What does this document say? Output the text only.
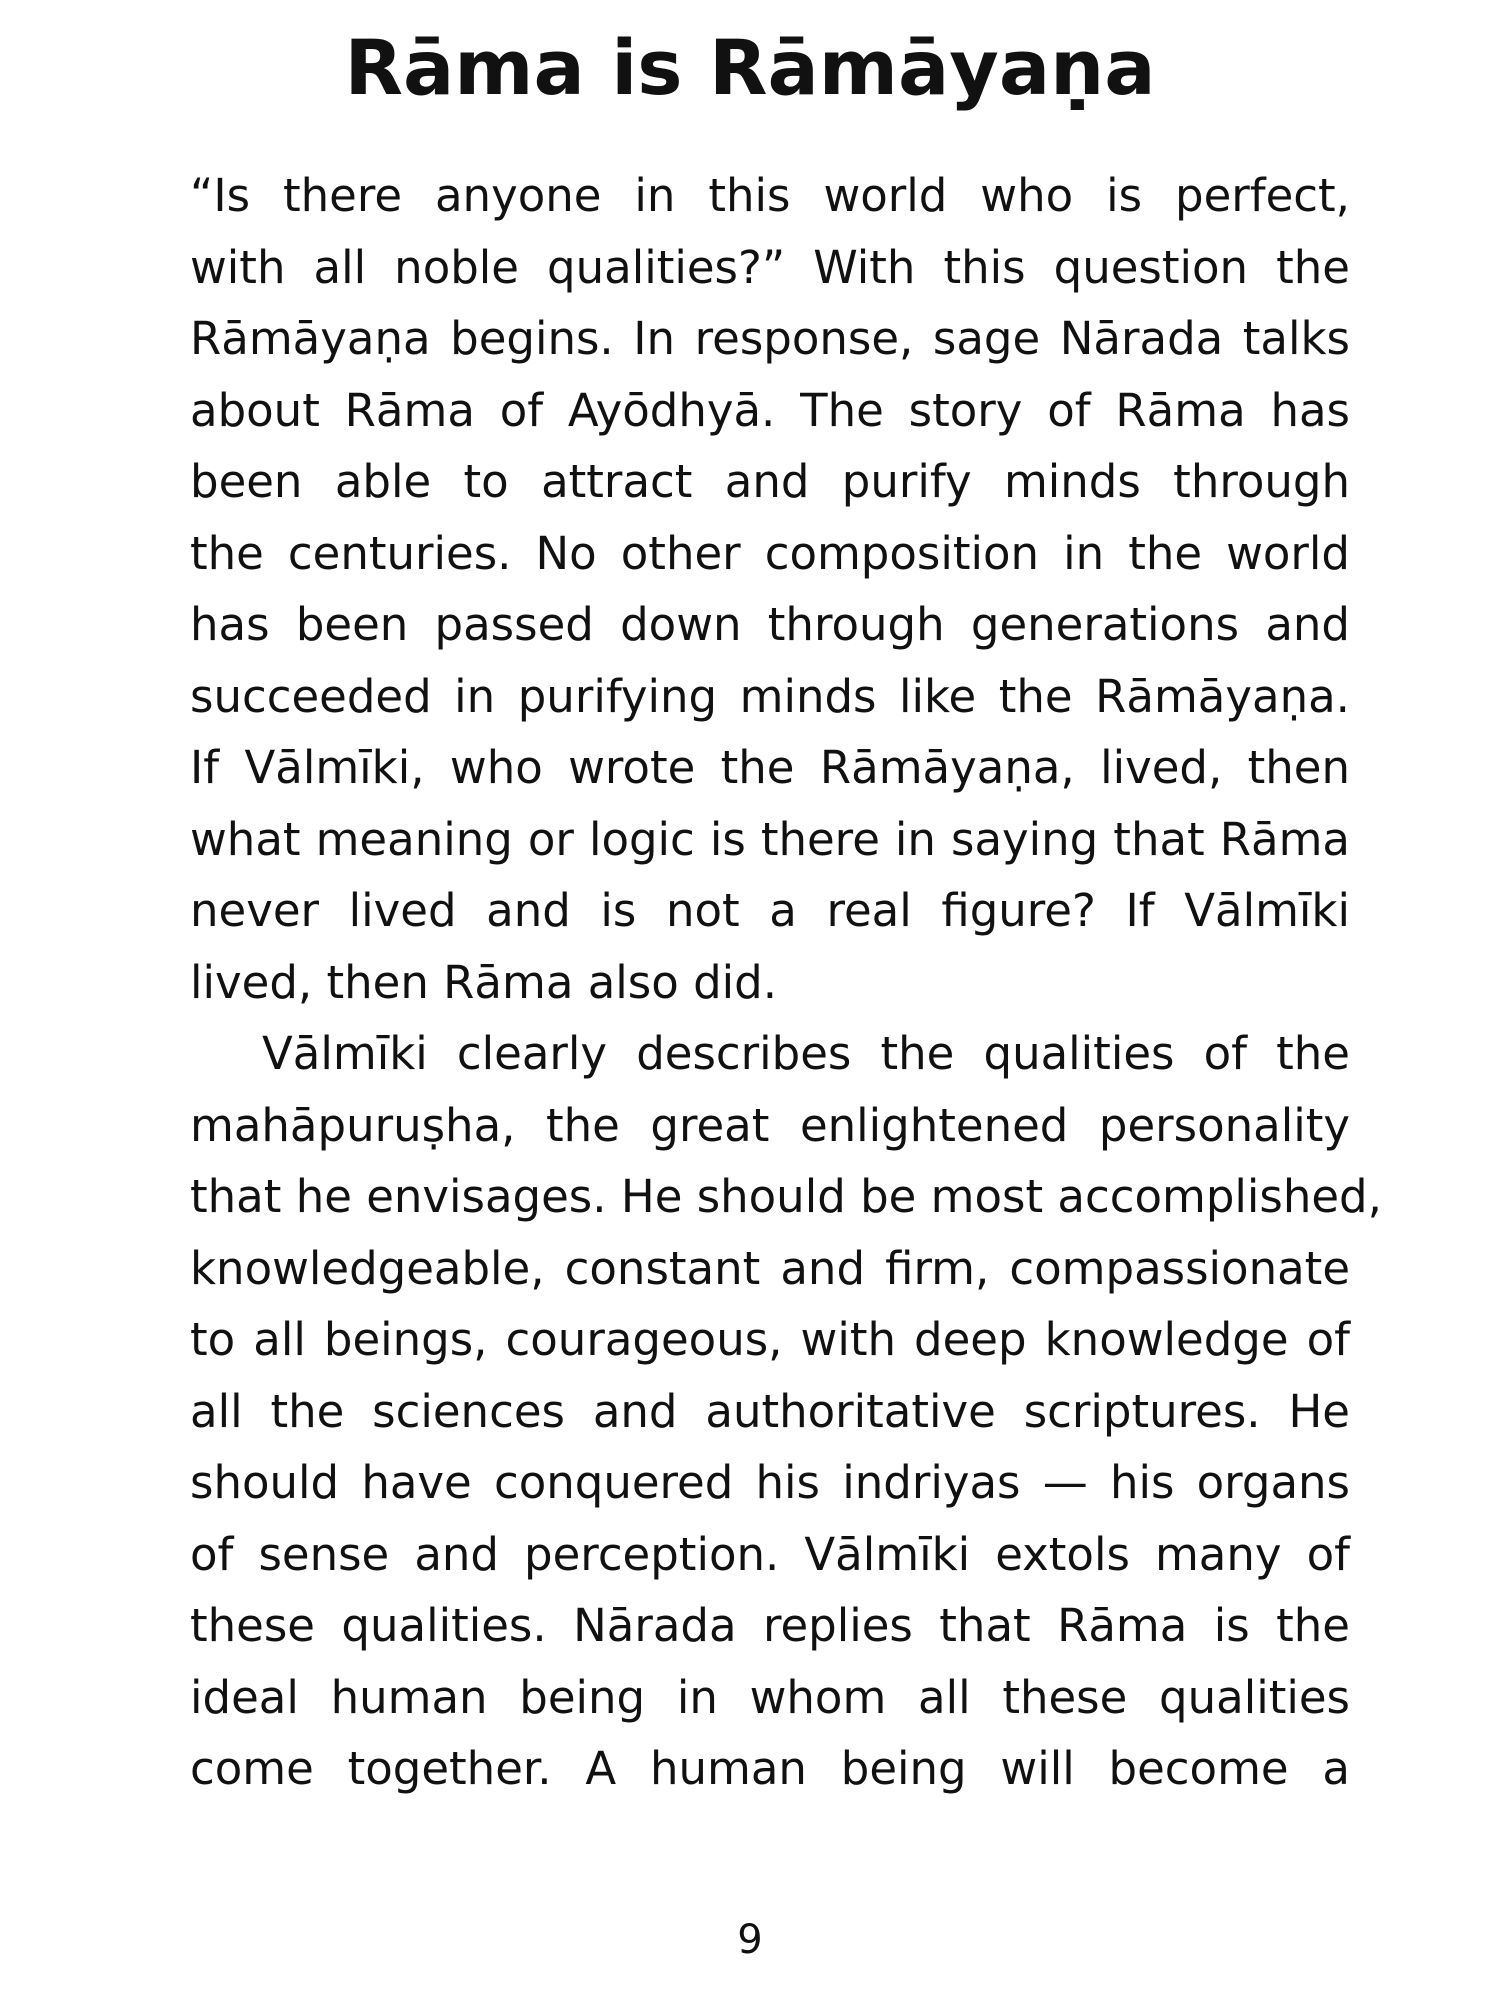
Rāma is Rāmāyaṇa
“Is there anyone in this world who is perfect,
with all noble qualities?” With this question the
Rāmāyaṇa begins. In response, sage Nārada talks
about Rāma of Ayōdhyā. The story of Rāma has
been able to attract and purify minds through
the centuries. No other composition in the world
has been passed down through generations and
succeeded in purifying minds like the Rāmāyaṇa.
If Vālmīki, who wrote the Rāmāyaṇa, lived, then
what meaning or logic is there in saying that Rāma
never lived and is not a real figure? If Vālmīki
lived, then Rāma also did.
Vālmīki clearly describes the qualities of the
mahāpuruṣha, the great enlightened personality
that he envisages. He should be most accomplished,
knowledgeable, constant and firm, compassionate
to all beings, courageous, with deep knowledge of
all the sciences and authoritative scriptures. He
should have conquered his indriyas — his organs
of sense and perception. Vālmīki extols many of
these qualities. Nārada replies that Rāma is the
ideal human being in whom all these qualities
come together. A human being will become a
9
